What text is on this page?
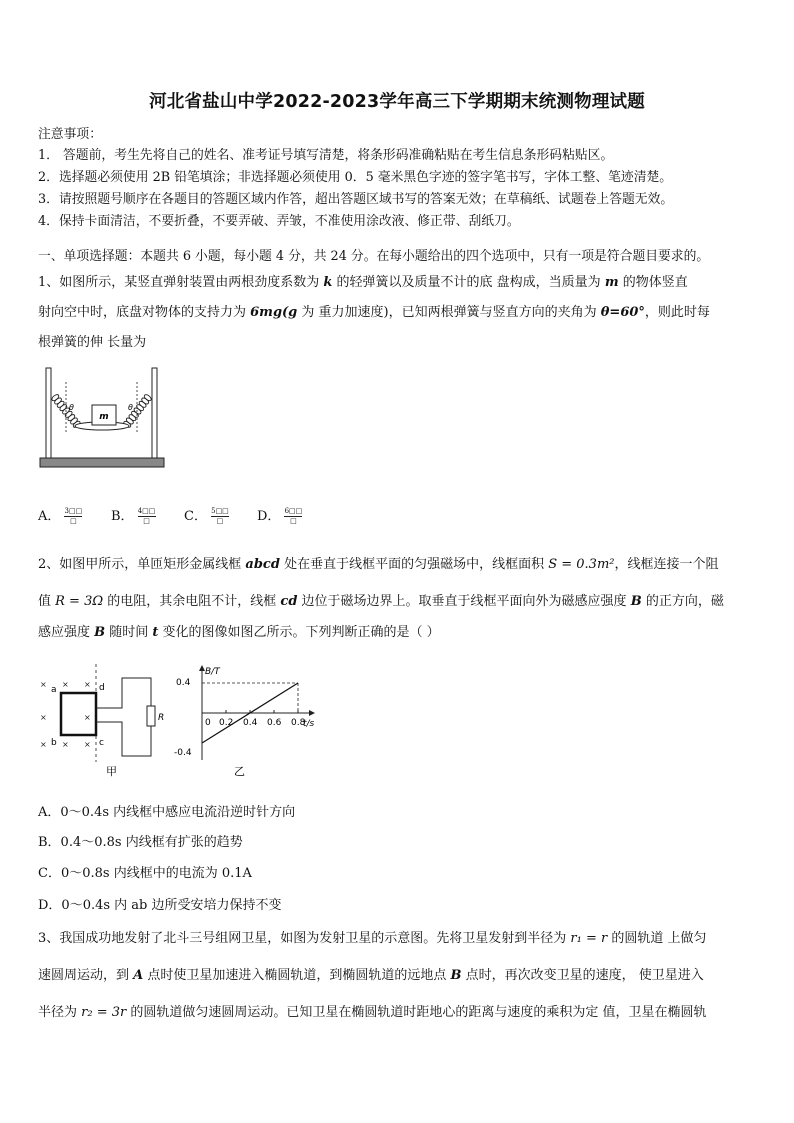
河北省盐山中学2022-2023学年高三下学期期末统测物理试题
注意事项：
1． 答题前，考生先将自己的姓名、准考证号填写清楚，将条形码准确粘贴在考生信息条形码粘贴区。
2．选择题必须使用 2B 铅笔填涂；非选择题必须使用 0．5 毫米黑色字迹的签字笔书写，字体工整、笔迹清楚。
3．请按照题号顺序在各题目的答题区域内作答，超出答题区域书写的答案无效；在草稿纸、试题卷上答题无效。
4．保持卡面清洁，不要折叠，不要弄破、弄皱，不准使用涂改液、修正带、刮纸刀。
一、单项选择题：本题共 6 小题，每小题 4 分，共 24 分。在每小题给出的四个选项中，只有一项是符合题目要求的。
1、如图所示，某竖直弹射装置由两根劲度系数为 k 的轻弹簧以及质量不计的底 盘构成，当质量为 m 的物体竖直
射向空中时，底盘对物体的支持力为 6mg(g 为 重力加速度)，已知两根弹簧与竖直方向的夹角为 θ=60°，则此时每
根弹簧的伸 长量为
m
θ	θ
A． $\frac{3□□}{□}$ B． $\frac{4□□}{□}$ C． $\frac{5□□}{□}$ D． $\frac{6□□}{□}$
2、如图甲所示，单匝矩形金属线框 abcd 处在垂直于线框平面的匀强磁场中，线框面积 S = 0.3m²，线框连接一个阻
值 R = 3Ω 的电阻，其余电阻不计，线框 cd 边位于磁场边界上。取垂直于线框平面向外为磁感应强度 B 的正方向，磁
感应强度 B 随时间 t 变化的图像如图乙所示。下列判断正确的是（ ）
× × ×
×	×
× × ×
R
a
b	c
d
甲
B/T
t/s
0.4
-0.4
0 0.2 0.4 0.6 0.8
乙
A．0～0.4s 内线框中感应电流沿逆时针方向
B．0.4～0.8s 内线框有扩张的趋势
C．0～0.8s 内线框中的电流为 0.1A
D．0～0.4s 内 ab 边所受安培力保持不变
3、我国成功地发射了北斗三号组网卫星，如图为发射卫星的示意图。先将卫星发射到半径为 r₁ = r 的圆轨道 上做匀
速圆周运动，到 A 点时使卫星加速进入椭圆轨道，到椭圆轨道的远地点 B 点时，再次改变卫星的速度， 使卫星进入
半径为 r₂ = 3r 的圆轨道做匀速圆周运动。已知卫星在椭圆轨道时距地心的距离与速度的乘积为定 值，卫星在椭圆轨
